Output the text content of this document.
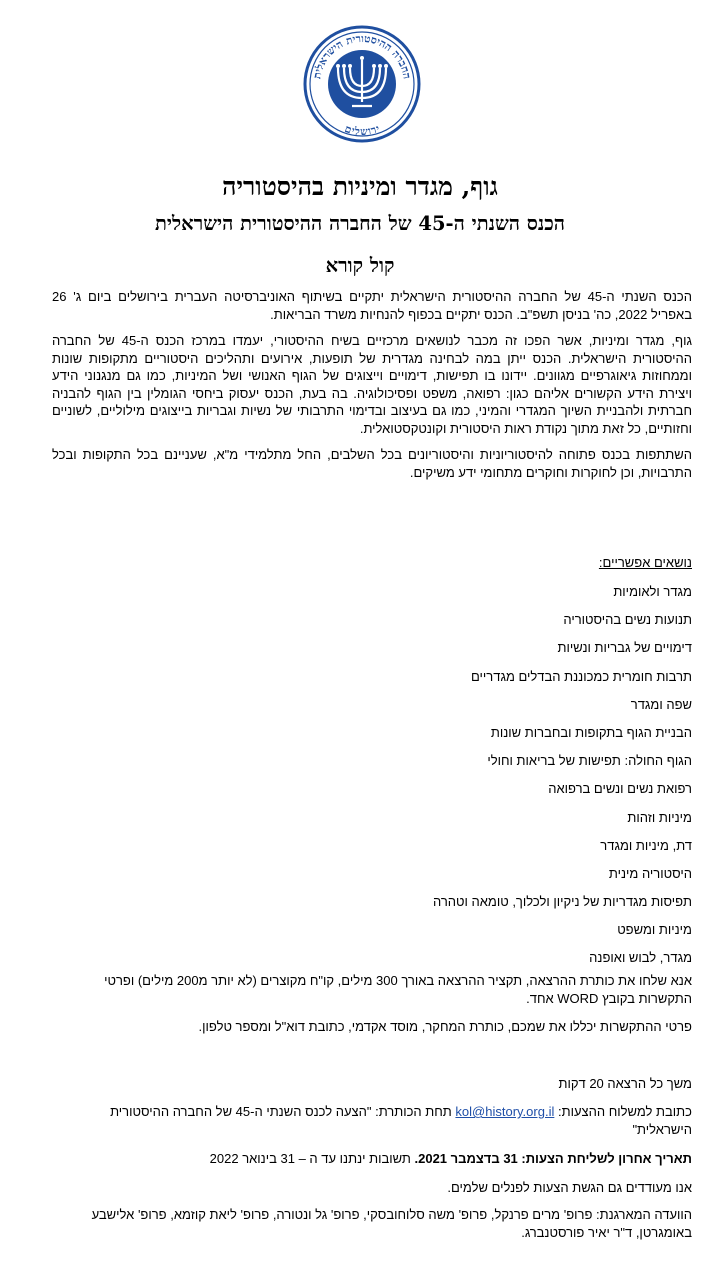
החברה ההיסטורית הישראלית
ירושלים
גוף, מגדר ומיניות בהיסטוריה
הכנס השנתי ה-45 של החברה ההיסטורית הישראלית
קול קורא

הכנס השנתי ה-45 של החברה ההיסטורית הישראלית יתקיים בשיתוף האוניברסיטה העברית בירושלים ביום ג' 26 באפריל 2022, כה' בניסן תשפ"ב. הכנס יתקיים בכפוף להנחיות משרד הבריאות.

גוף, מגדר ומיניות, אשר הפכו זה מכבר לנושאים מרכזיים בשיח ההיסטורי, יעמדו במרכז הכנס ה-45 של החברה ההיסטורית הישראלית. הכנס ייתן במה לבחינה מגדרית של תופעות, אירועים ותהליכים היסטוריים מתקופות שונות וממחוזות גיאוגרפיים מגוונים. יידונו בו תפישות, דימויים וייצוגים של הגוף האנושי ושל המיניות, כמו גם מנגנוני הידע ויצירת הידע הקשורים אליהם כגון: רפואה, משפט ופסיכולוגיה. בה בעת, הכנס יעסוק ביחסי הגומלין בין הגוף להבניה חברתית ולהבניית השיוך המגדרי והמיני, כמו גם בעיצוב ובדימוי התרבותי של נשיות וגבריות בייצוגים מילוליים, לשוניים וחזותיים, כל זאת מתוך נקודת ראות היסטורית וקונטקסטואלית.

השתתפות בכנס פתוחה להיסטוריוניות והיסטוריונים בכל השלבים, החל מתלמידי מ"א, שעניינם בכל התקופות ובכל התרבויות, וכן לחוקרות וחוקרים מתחומי ידע משיקים.

נושאים אפשריים:
מגדר ולאומיות
תנועות נשים בהיסטוריה
דימויים של גבריות ונשיות
תרבות חומרית כמכוננת הבדלים מגדריים
שפה ומגדר
הבניית הגוף בתקופות ובחברות שונות
הגוף החולה: תפישות של בריאות וחולי
רפואת נשים ונשים ברפואה
מיניות וזהות
דת, מיניות ומגדר
היסטוריה מינית
תפיסות מגדריות של ניקיון ולכלוך, טומאה וטהרה
מיניות ומשפט
מגדר, לבוש ואופנה
אנא שלחו את כותרת ההרצאה, תקציר ההרצאה באורך 300 מילים, קו"ח מקוצרים (לא יותר מ200 מילים) ופרטי התקשרות בקובץ WORD אחד.
פרטי ההתקשרות יכללו את שמכם, כותרת המחקר, מוסד אקדמי, כתובת דוא"ל ומספר טלפון.
משך כל הרצאה 20 דקות
כתובת למשלוח ההצעות: kol@history.org.il תחת הכותרת: "הצעה לכנס השנתי ה-45 של החברה ההיסטורית הישראלית"
תאריך אחרון לשליחת הצעות: 31 בדצמבר 2021. תשובות ינתנו עד ה – 31 בינואר 2022
אנו מעודדים גם הגשת הצעות לפנלים שלמים.
הוועדה המארגנת: פרופ' מרים פרנקל, פרופ' משה סלוחובסקי, פרופ' גל ונטורה, פרופ' ליאת קוזמא, פרופ' אלישבע באומגרטן, ד"ר יאיר פורסטנברג.
